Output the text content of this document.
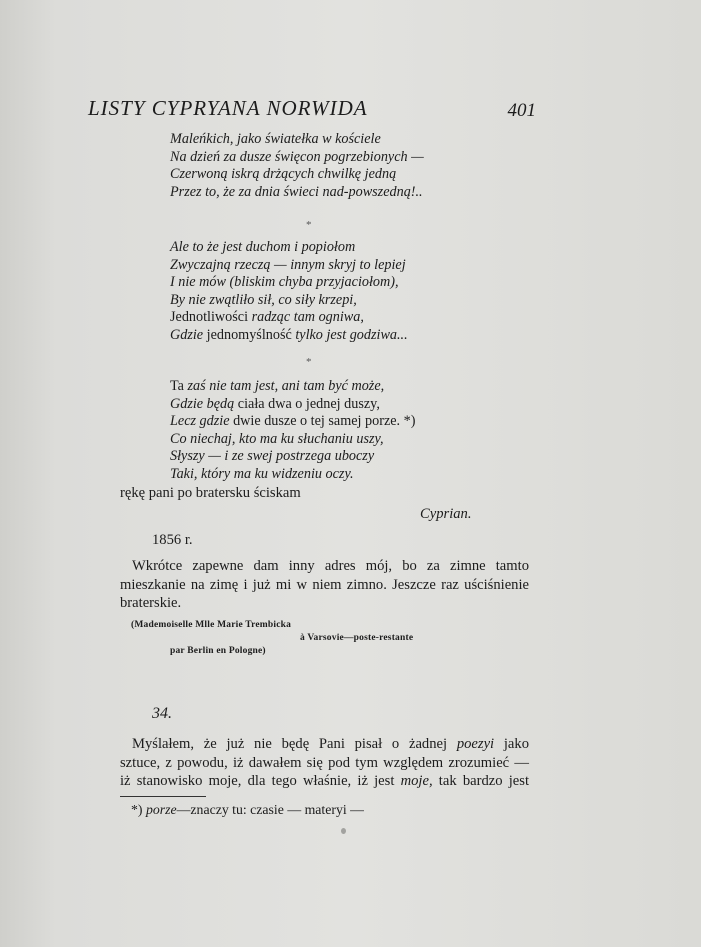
LISTY CYPRYANA NORWIDA	401
Maleńkich, jako światełka w kościele
Na dzień za dusze święcon pogrzebionych —
Czerwoną iskrą drżących chwilkę jedną
Przez to, że za dnia świeci nad-powszedną!..
*
Ale to że jest duchom i popiołom
Zwyczajną rzeczą — innym skryj to lepiej
I nie mów (bliskim chyba przyjaciołom),
By nie zwątliło sił, co siły krzepi,
Jednotliwości radząc tam ogniwa,
Gdzie jednomyślność tylko jest godziwa...
*
Ta zaś nie tam jest, ani tam być może,
Gdzie będą ciała dwa o jednej duszy,
Lecz gdzie dwie dusze o tej samej porze. *)
Co niechaj, kto ma ku słuchaniu uszy,
Słyszy — i ze swej postrzega uboczy
Taki, który ma ku widzeniu oczy.
rękę pani po bratersku ściskam
Cyprian.
1856 r.
Wkrótce zapewne dam inny adres mój, bo za zimne tamto
mieszkanie na zimę i już mi w niem zimno. Jeszcze raz uściśnienie
braterskie.
(Mademoiselle Mlle Marie Trembicka
à Varsovie—poste-restante
par Berlin en Pologne)
34.
Myślałem, że już nie będę Pani pisał o żadnej poezyi jako
sztuce, z powodu, iż dawałem się pod tym względem zrozumieć —
iż stanowisko moje, dla tego właśnie, iż jest moje, tak bardzo jest
*) porze—znaczy tu: czasie — materyi —
